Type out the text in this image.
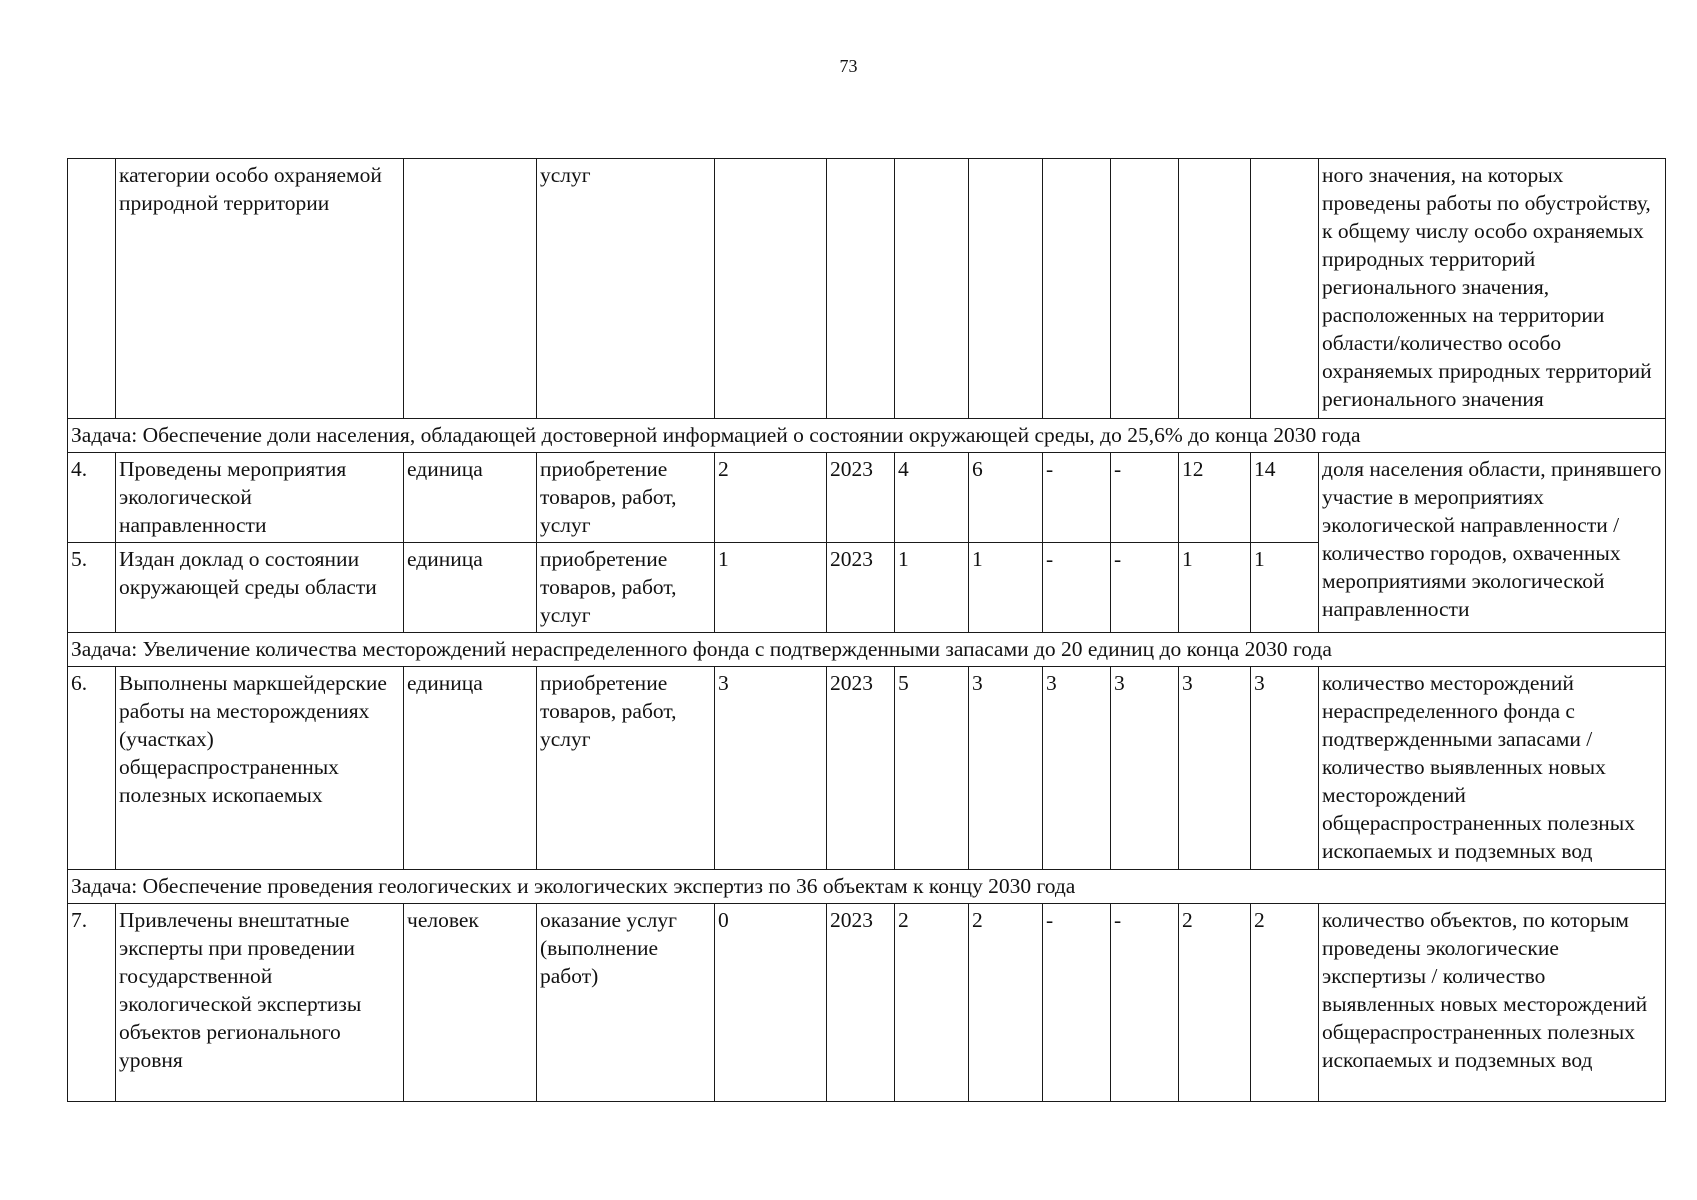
73
	категории особо охраняемой природной территории		услуг									ного значения, на которых проведены работы по обустройству, к общему числу особо охраняемых природных территорий регионального значения, расположенных на территории области/количество особо охраняемых природных территорий регионального значения
Задача: Обеспечение доли населения, обладающей достоверной информацией о состоянии окружающей среды, до 25,6% до конца 2030 года												
4.	Проведены мероприятия экологической направленности	единица	приобретение товаров, работ, услуг	2	2023	4	6	-	-	12	14	доля населения области, принявшего участие в мероприятиях экологической направленности / количество городов, охваченных мероприятиями экологической направленности
5.	Издан доклад о состоянии окружающей среды области	единица	приобретение товаров, работ, услуг	1	2023	1	1	-	-	1	1	
Задача: Увеличение количества месторождений нераспределенного фонда с подтвержденными запасами до 20 единиц до конца 2030 года												
6.	Выполнены маркшейдерские работы на месторождениях (участках) общераспространенных полезных ископаемых	единица	приобретение товаров, работ, услуг	3	2023	5	3	3	3	3	3	количество месторождений нераспределенного фонда с подтвержденными запасами / количество выявленных новых месторождений общераспространенных полезных ископаемых и подземных вод
Задача: Обеспечение проведения геологических и экологических экспертиз по 36 объектам к концу 2030 года												
7.	Привлечены внештатные эксперты при проведении государственной экологической экспертизы объектов регионального уровня	человек	оказание услуг (выполнение работ)	0	2023	2	2	-	-	2	2	количество объектов, по которым проведены экологические экспертизы / количество выявленных новых месторождений общераспространенных полезных ископаемых и подземных вод
